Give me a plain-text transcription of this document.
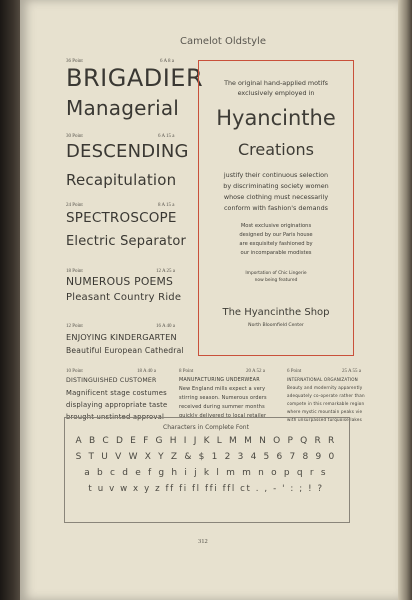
Camelot Oldstyle
36 Point	6 A 8 a
BRIGADIER
Managerial
30 Point	6 A 15 a
DESCENDING
Recapitulation
24 Point	8 A 15 a
SPECTROSCOPE
Electric Separator
18 Point	12 A 25 a
NUMEROUS POEMS
Pleasant Country Ride
12 Point	16 A 40 a
ENJOYING KINDERGARTEN
Beautiful European Cathedral
The original hand-applied motifs
exclusively employed in
Hyancinthe
Creations
justify their continuous selection
by discriminating society women
whose clothing must necessarily
conform with fashion's demands
Most exclusive originations
designed by our Paris house
are exquisitely fashioned by
our incomparable modistes
Importation of Chic Lingerie
now being featured
The Hyancinthe Shop
North Bloomfield Center
10 Point	18 A 40 a
DISTINGUISHED CUSTOMER
Magnificent stage costumes
displaying appropriate taste
brought unstinted approval
8 Point	20 A 52 a
MANUFACTURING UNDERWEAR
New England mills expect a very
stirring season. Numerous orders
received during summer months
quickly delivered to local retailer
6 Point	25 A 55 a
INTERNATIONAL ORGANIZATION
Beauty and modernity apparently
adequately co-operate rather than
compete in this remarkable region
where mystic mountain peaks vie
with unsurpassed turquoise lakes
Characters in Complete Font
A B C D E F G H I J K L M M N O P Q R R
S T U V W X Y Z & $ 1 2 3 4 5 6 7 8 9 0
a b c d e f g h i j k l m m n o p q r s
t u v w x y z ff fi fl ffi ffl ct . , - ' : ; ! ?
312
